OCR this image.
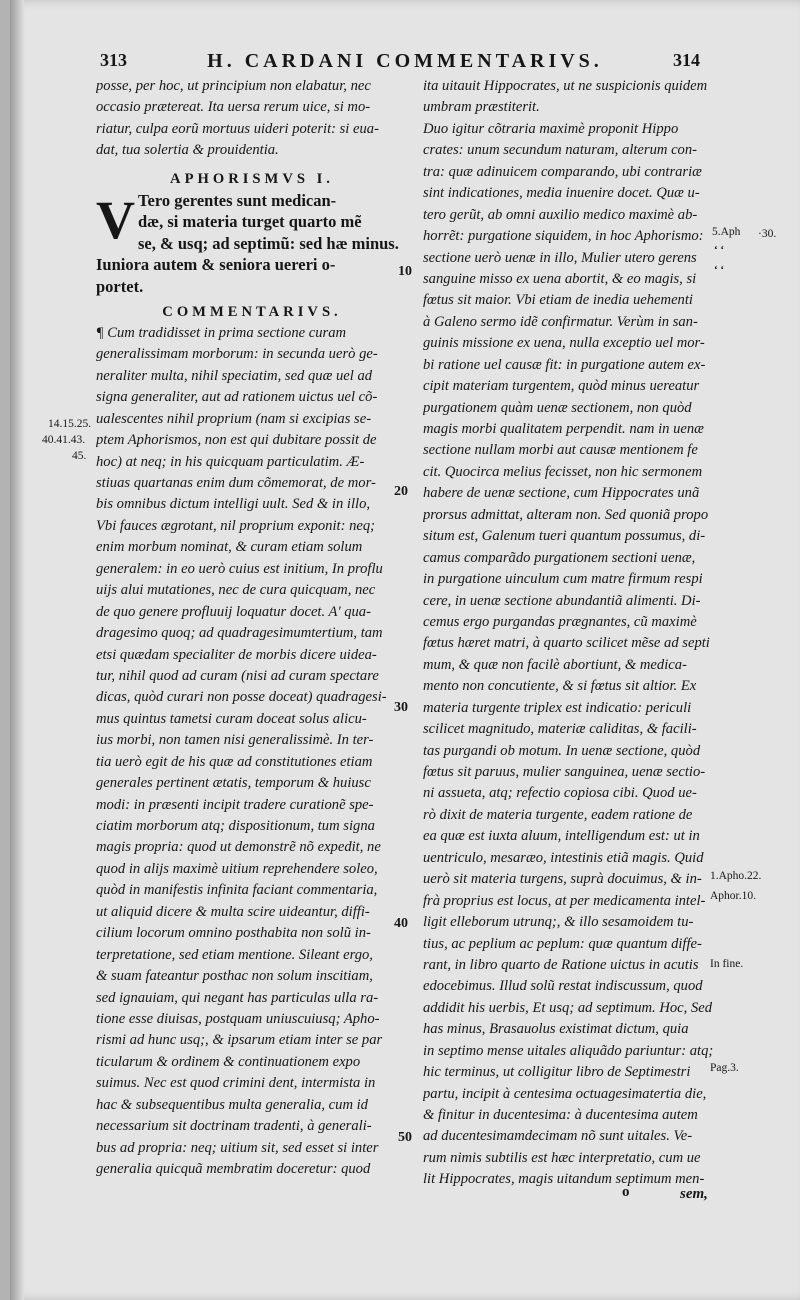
313	H. CARDANI COMMENTARIVS.	314
posse, per hoc, ut principium non elabatur, nec
occasio prætereat. Ita uersa rerum uice, si mo-
riatur, culpa eorũ mortuus uideri poterit: si eua-
dat, tua solertia & prouidentia.
APHORISMVS I.
V Tero gerentes sunt medican-
dæ, si materia turget quarto mẽ
se, & usq; ad septimũ: sed hæ minus.
Iuniora autem & seniora uereri o-
portet.
COMMENTARIVS.
¶ Cum tradidisset in prima sectione curam
generalissimam morborum: in secunda uerò ge-
neraliter multa, nihil speciatim, sed quæ uel ad
signa generaliter, aut ad rationem uictus uel cõ-
ualescentes nihil proprium (nam si excipias se-
ptem Aphorismos, non est qui dubitare possit de
hoc) at neq; in his quicquam particulatim. Æ-
stiuas quartanas enim dum cõmemorat, de mor-
bis omnibus dictum intelligi uult. Sed & in illo,
Vbi fauces ægrotant, nil proprium exponit: neq;
enim morbum nominat, & curam etiam solum
generalem: in eo uerò cuius est initium, In proflu
uijs alui mutationes, nec de cura quicquam, nec
de quo genere profluuij loquatur docet. A' qua-
dragesimo quoq; ad quadragesimumtertium, tam
etsi quædam specialiter de morbis dicere uidea-
tur, nihil quod ad curam (nisi ad curam spectare
dicas, quòd curari non posse doceat) quadragesi-
mus quintus tametsi curam doceat solus alicu-
ius morbi, non tamen nisi generalissimè. In ter-
tia uerò egit de his quæ ad constitutiones etiam
generales pertinent ætatis, temporum & huiusc
modi: in præsenti incipit tradere curationẽ spe-
ciatim morborum atq; dispositionum, tum signa
magis propria: quod ut demonstrẽ nõ expedit, ne
quod in alijs maximè uitium reprehendere soleo,
quòd in manifestis infinita faciant commentaria,
ut aliquid dicere & multa scire uideantur, diffi-
cilium locorum omnino posthabita non solũ in-
terpretatione, sed etiam mentione. Sileant ergo,
& suam fateantur posthac non solum inscitiam,
sed ignauiam, qui negant has particulas ulla ra-
tione esse diuisas, postquam uniuscuiusq; Apho-
rismi ad hunc usq;, & ipsarum etiam inter se par
ticularum & ordinem & continuationem expo
suimus. Nec est quod crimini dent, intermista in
hac & subsequentibus multa generalia, cum id
necessarium sit doctrinam tradenti, à generali-
bus ad propria: neq; uitium sit, sed esset si inter
generalia quicquã membratim doceretur: quod
14.15.25.
40.41.43.
45.
ita uitauit Hippocrates, ut ne suspicionis quidem
umbram præstiterit.
Duo igitur cõtraria maximè proponit Hippo
crates: unum secundum naturam, alterum con-
tra: quæ adinuicem comparando, ubi contrariæ
sint indicationes, media inuenire docet. Quæ u-
tero gerũt, ab omni auxilio medico maximè ab-
horrẽt: purgatione siquidem, in hoc Aphorismo:
sectione uerò uenæ in illo, Mulier utero gerens
sanguine misso ex uena abortit, & eo magis, si
fœtus sit maior. Vbi etiam de inedia uehementi
à Galeno sermo idẽ confirmatur. Verùm in san-
guinis missione ex uena, nulla exceptio uel mor-
bi ratione uel causæ fit: in purgatione autem ex-
cipit materiam turgentem, quòd minus uereatur
purgationem quàm uenæ sectionem, non quòd
magis morbi qualitatem perpendit. nam in uenæ
sectione nullam morbi aut causæ mentionem fe
cit. Quocirca melius fecisset, non hic sermonem
habere de uenæ sectione, cum Hippocrates unã
prorsus admittat, alteram non. Sed quoniã propo
situm est, Galenum tueri quantum possumus, di-
camus comparãdo purgationem sectioni uenæ,
in purgatione uinculum cum matre firmum respi
cere, in uenæ sectione abundantiã alimenti. Di-
cemus ergo purgandas prægnantes, cũ maximè
fœtus hæret matri, à quarto scilicet mẽse ad septi
mum, & quæ non facilè abortiunt, & medica-
mento non concutiente, & si fœtus sit altior. Ex
materia turgente triplex est indicatio: periculi
scilicet magnitudo, materiæ caliditas, & facili-
tas purgandi ob motum. In uenæ sectione, quòd
fœtus sit paruus, mulier sanguinea, uenæ sectio-
ni assueta, atq; refectio copiosa cibi. Quod ue-
rò dixit de materia turgente, eadem ratione de
ea quæ est iuxta aluum, intelligendum est: ut in
uentriculo, mesaræo, intestinis etiã magis. Quid
uerò sit materia turgens, suprà docuimus, & in-
frà proprius est locus, at per medicamenta intel-
ligit elleborum utrunq;, & illo sesamoidem tu-
tius, ac peplium ac peplum: quæ quantum diffe-
rant, in libro quarto de Ratione uictus in acutis
edocebimus. Illud solũ restat indiscussum, quod
addidit his uerbis, Et usq; ad septimum. Hoc, Sed
has minus, Brasauolus existimat dictum, quia
in septimo mense uitales aliquãdo pariuntur: atq;
hic terminus, ut colligitur libro de Septimestri
partu, incipit à centesima octuagesimatertia die,
& finitur in ducentesima: à ducentesima autem
ad ducentesimamdecimam nõ sunt uitales. Ve-
rum nimis subtilis est hæc interpretatio, cum ue
lit Hippocrates, magis uitandum septimum men-
10
20
30
40
50
5.Aph ·30.
1.Apho.22.
Aphor.10.
In fine.
Pag.3.
‘ ‘
‘ ‘
o	sem,
